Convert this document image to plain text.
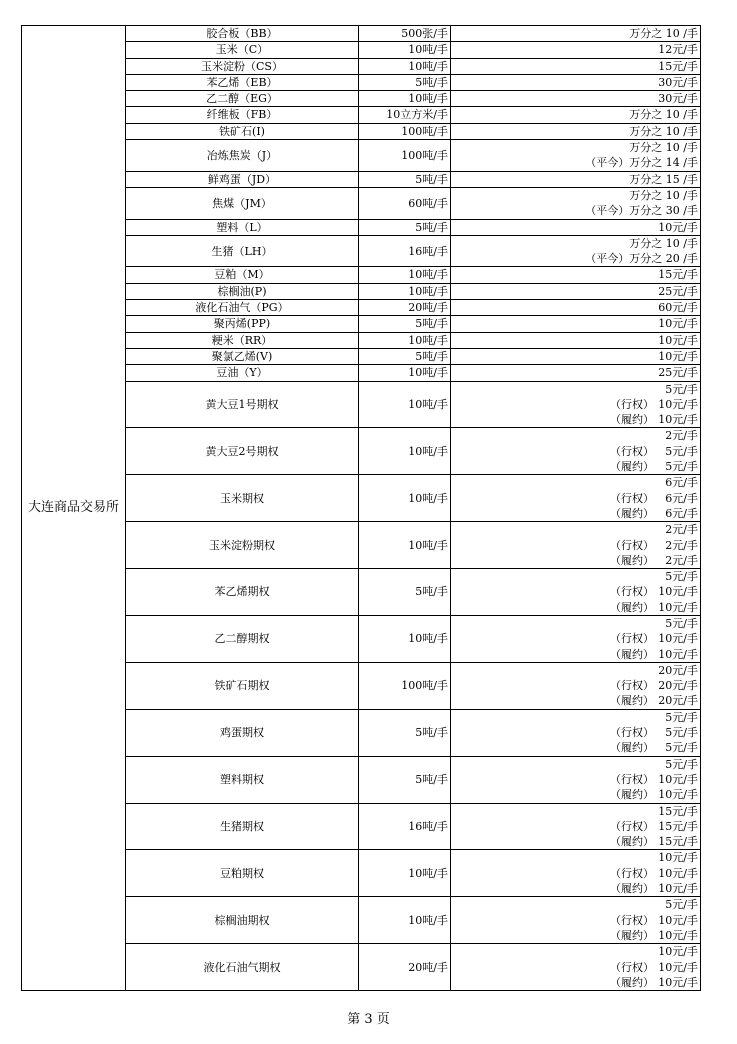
大连商品交易所	胶合板（BB）	500张/手	万分之 10 /手

	玉米（C）	10吨/手	12元/手

	玉米淀粉（CS）	10吨/手	15元/手

	苯乙烯（EB）	5吨/手	30元/手

	乙二醇（EG）	10吨/手	30元/手

	纤维板（FB）	10立方米/手	万分之 10 /手

	铁矿石(I)	100吨/手	万分之 10 /手

	冶炼焦炭（J）	100吨/手	万分之 10 /手
（平今）万分之 14 /手

	鲜鸡蛋（JD）	5吨/手	万分之 15 /手

	焦煤（JM）	60吨/手	万分之 10 /手
（平今）万分之 30 /手

	塑料（L）	5吨/手	10元/手

	生猪（LH）	16吨/手	万分之 10 /手
（平今）万分之 20 /手

	豆粕（M）	10吨/手	15元/手

	棕榈油(P)	10吨/手	25元/手

	液化石油气（PG）	20吨/手	60元/手

	聚丙烯(PP)	5吨/手	10元/手

	粳米（RR）	10吨/手	10元/手

	聚氯乙烯(V)	5吨/手	10元/手

	豆油（Y）	10吨/手	25元/手

	黄大豆1号期权	10吨/手	5元/手
（行权） 10元/手
（履约） 10元/手

	黄大豆2号期权	10吨/手	2元/手
（行权） 5元/手
（履约） 5元/手

	玉米期权	10吨/手	6元/手
（行权） 6元/手
（履约） 6元/手

	玉米淀粉期权	10吨/手	2元/手
（行权） 2元/手
（履约） 2元/手

	苯乙烯期权	5吨/手	5元/手
（行权） 10元/手
（履约） 10元/手

	乙二醇期权	10吨/手	5元/手
（行权） 10元/手
（履约） 10元/手

	铁矿石期权	100吨/手	20元/手
（行权） 20元/手
（履约） 20元/手

	鸡蛋期权	5吨/手	5元/手
（行权） 5元/手
（履约） 5元/手

	塑料期权	5吨/手	5元/手
（行权） 10元/手
（履约） 10元/手

	生猪期权	16吨/手	15元/手
（行权） 15元/手
（履约） 15元/手

	豆粕期权	10吨/手	10元/手
（行权） 10元/手
（履约） 10元/手

	棕榈油期权	10吨/手	5元/手
（行权） 10元/手
（履约） 10元/手

	液化石油气期权	20吨/手	10元/手
（行权） 10元/手
（履约） 10元/手
第 3 页
